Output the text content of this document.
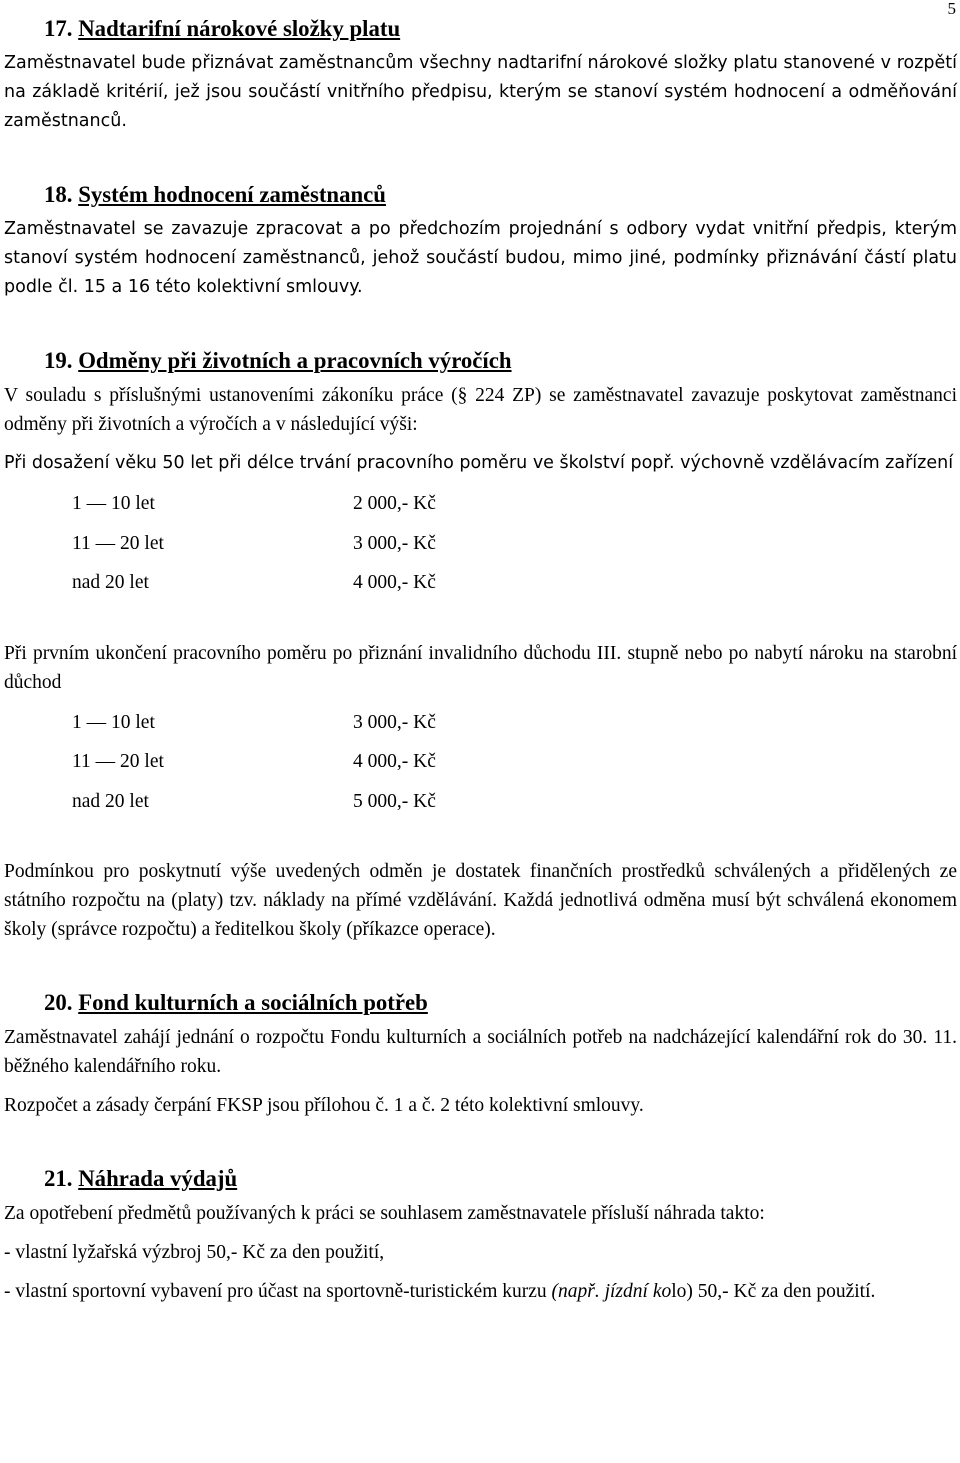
5
17. Nadtarifní nárokové složky platu

Zaměstnavatel bude přiznávat zaměstnancům všechny nadtarifní nárokové složky platu stanovené v rozpětí na základě kritérií, jež jsou součástí vnitřního předpisu, kterým se stanoví systém hodnocení a odměňování zaměstnanců.

18. Systém hodnocení zaměstnanců

Zaměstnavatel se zavazuje zpracovat a po předchozím projednání s odbory vydat vnitřní předpis, kterým stanoví systém hodnocení zaměstnanců, jehož součástí budou, mimo jiné, podmínky přiznávání částí platu podle čl. 15 a 16 této kolektivní smlouvy.

19. Odměny při životních a pracovních výročích

V souladu s příslušnými ustanoveními zákoníku práce (§ 224 ZP) se zaměstnavatel zavazuje poskytovat zaměstnanci odměny při životních a výročích a v následující výši:

Při dosažení věku 50 let při délce trvání pracovního poměru ve školství popř. výchovně vzdělávacím zařízení

1 — 10 let	2 000,- Kč
11 — 20 let	3 000,- Kč
nad 20 let	4 000,- Kč

Při prvním ukončení pracovního poměru po přiznání invalidního důchodu III. stupně nebo po nabytí nároku na starobní důchod

1 — 10 let	3 000,- Kč
11 — 20 let	4 000,- Kč
nad 20 let	5 000,- Kč

Podmínkou pro poskytnutí výše uvedených odměn je dostatek finančních prostředků schválených a přidělených ze státního rozpočtu na (platy) tzv. náklady na přímé vzdělávání. Každá jednotlivá odměna musí být schválená ekonomem školy (správce rozpočtu) a ředitelkou školy (příkazce operace).

20. Fond kulturních a sociálních potřeb

Zaměstnavatel zahájí jednání o rozpočtu Fondu kulturních a sociálních potřeb na nadcházející kalendářní rok do 30. 11. běžného kalendářního roku.

Rozpočet a zásady čerpání FKSP jsou přílohou č. 1 a č. 2 této kolektivní smlouvy.

21. Náhrada výdajů

Za opotřebení předmětů používaných k práci se souhlasem zaměstnavatele přísluší náhrada takto:

- vlastní lyžařská výzbroj 50,- Kč za den použití,

- vlastní sportovní vybavení pro účast na sportovně-turistickém kurzu (např. jízdní kolo) 50,- Kč za den použití.
